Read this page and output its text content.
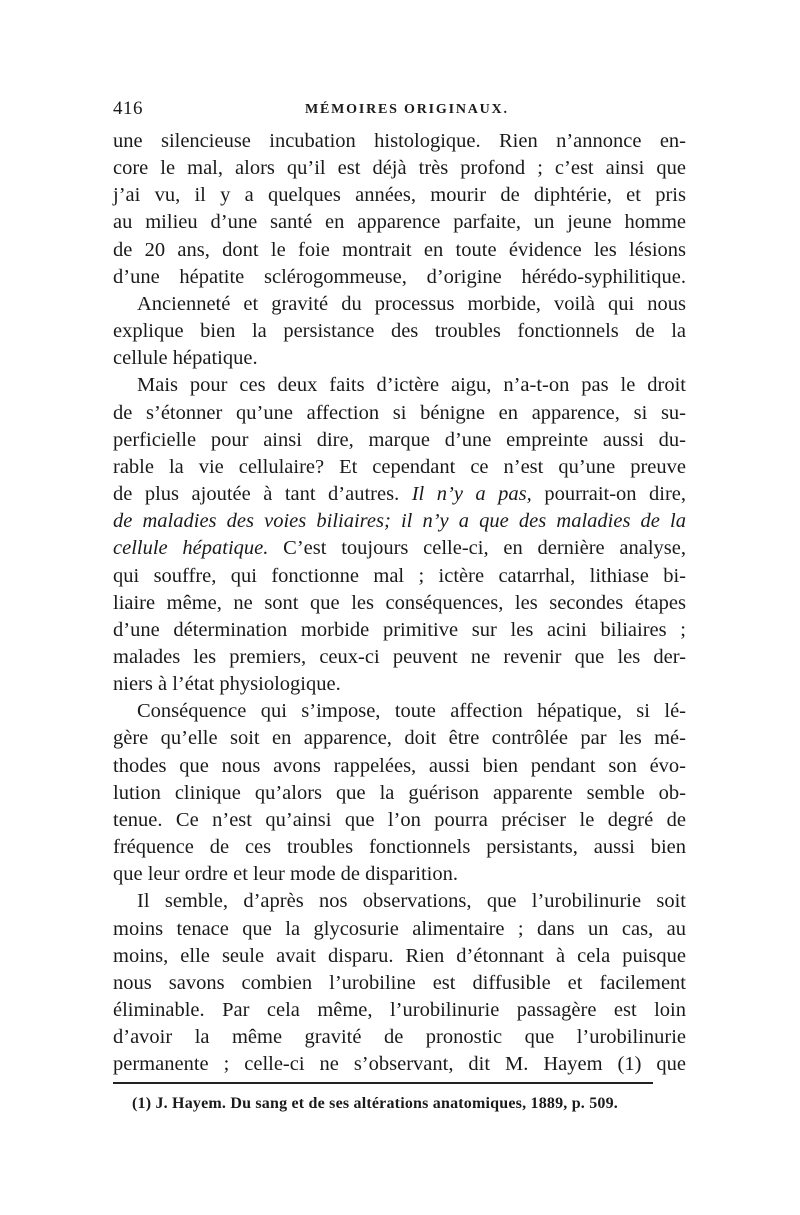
416	MÉMOIRES ORIGINAUX.
une silencieuse incubation histologique. Rien n’annonce en-
core le mal, alors qu’il est déjà très profond ; c’est ainsi que
j’ai vu, il y a quelques années, mourir de diphtérie, et pris
au milieu d’une santé en apparence parfaite, un jeune homme
de 20 ans, dont le foie montrait en toute évidence les lésions
d’une hépatite sclérogommeuse, d’origine hérédo-syphilitique.
Ancienneté et gravité du processus morbide, voilà qui nous
explique bien la persistance des troubles fonctionnels de la
cellule hépatique.
Mais pour ces deux faits d’ictère aigu, n’a-t-on pas le droit
de s’étonner qu’une affection si bénigne en apparence, si su-
perficielle pour ainsi dire, marque d’une empreinte aussi du-
rable la vie cellulaire? Et cependant ce n’est qu’une preuve
de plus ajoutée à tant d’autres. Il n’y a pas, pourrait-on dire,
de maladies des voies biliaires; il n’y a que des maladies de la
cellule hépatique. C’est toujours celle-ci, en dernière analyse,
qui souffre, qui fonctionne mal ; ictère catarrhal, lithiase bi-
liaire même, ne sont que les conséquences, les secondes étapes
d’une détermination morbide primitive sur les acini biliaires ;
malades les premiers, ceux-ci peuvent ne revenir que les der-
niers à l’état physiologique.
Conséquence qui s’impose, toute affection hépatique, si lé-
gère qu’elle soit en apparence, doit être contrôlée par les mé-
thodes que nous avons rappelées, aussi bien pendant son évo-
lution clinique qu’alors que la guérison apparente semble ob-
tenue. Ce n’est qu’ainsi que l’on pourra préciser le degré de
fréquence de ces troubles fonctionnels persistants, aussi bien
que leur ordre et leur mode de disparition.
Il semble, d’après nos observations, que l’urobilinurie soit
moins tenace que la glycosurie alimentaire ; dans un cas, au
moins, elle seule avait disparu. Rien d’étonnant à cela puisque
nous savons combien l’urobiline est diffusible et facilement
éliminable. Par cela même, l’urobilinurie passagère est loin
d’avoir la même gravité de pronostic que l’urobilinurie
permanente ; celle-ci ne s’observant, dit M. Hayem (1) que
(1) J. Hayem. Du sang et de ses altérations anatomiques, 1889, p. 509.
